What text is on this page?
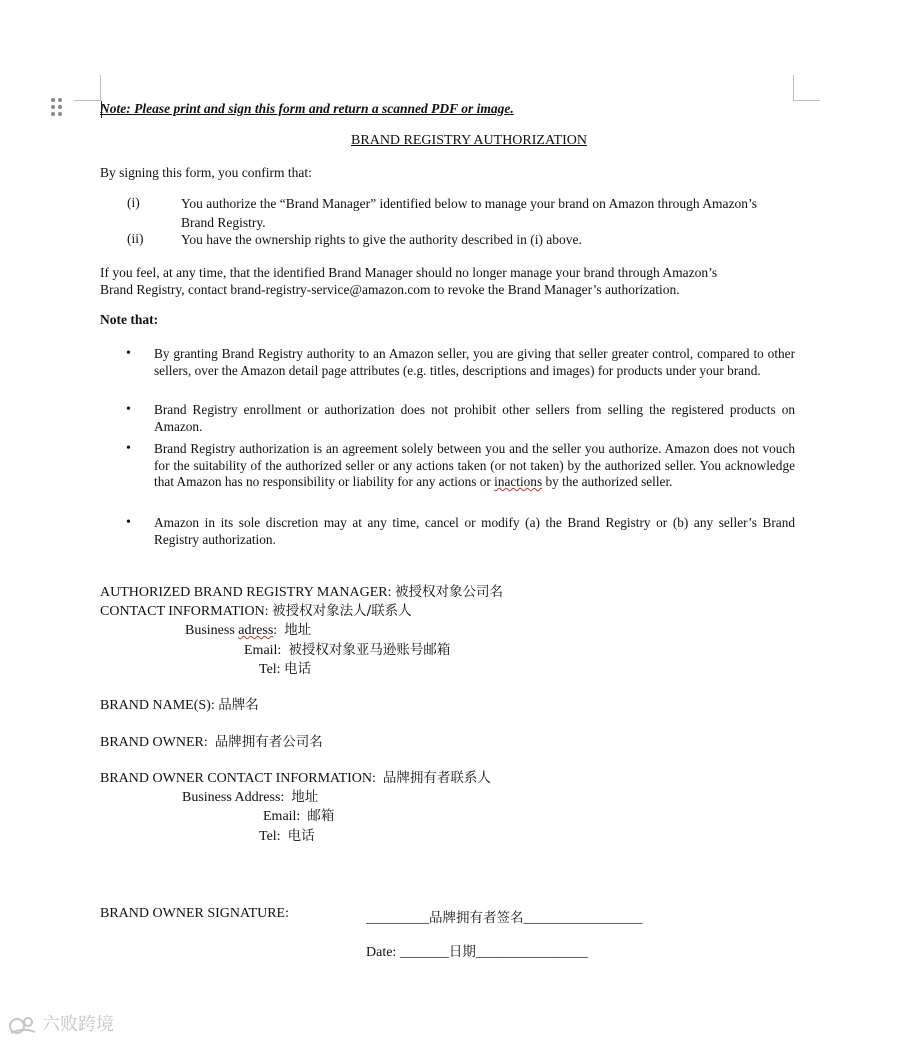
Note: Please print and sign this form and return a scanned PDF or image.
BRAND REGISTRY AUTHORIZATION
By signing this form, you confirm that:
(i)	You authorize the “Brand Manager” identified below to manage your brand on Amazon through Amazon’s Brand Registry.
(ii)	You have the ownership rights to give the authority described in (i) above.
If you feel, at any time, that the identified Brand Manager should no longer manage your brand through Amazon’s
Brand Registry, contact brand-registry-service@amazon.com to revoke the Brand Manager’s authorization.
Note that:
• By granting Brand Registry authority to an Amazon seller, you are giving that seller greater control, compared to other sellers, over the Amazon detail page attributes (e.g. titles, descriptions and images) for products under your brand.
• Brand Registry enrollment or authorization does not prohibit other sellers from selling the registered products on Amazon.
• Brand Registry authorization is an agreement solely between you and the seller you authorize. Amazon does not vouch for the suitability of the authorized seller or any actions taken (or not taken) by the authorized seller. You acknowledge that Amazon has no responsibility or liability for any actions or inactions by the authorized seller.
• Amazon in its sole discretion may at any time, cancel or modify (a) the Brand Registry or (b) any seller’s Brand Registry authorization.
AUTHORIZED BRAND REGISTRY MANAGER: 被授权对象公司名
CONTACT INFORMATION: 被授权对象法人/联系人
Business adress: 地址
Email: 被授权对象亚马逊账号邮箱
Tel: 电话
BRAND NAME(S): 品牌名
BRAND OWNER: 品牌拥有者公司名
BRAND OWNER CONTACT INFORMATION: 品牌拥有者联系人
Business Address: 地址
Email: 邮箱
Tel: 电话
BRAND OWNER SIGNATURE:	_________品牌拥有者签名_________________
Date: _______日期________________
六败跨境
